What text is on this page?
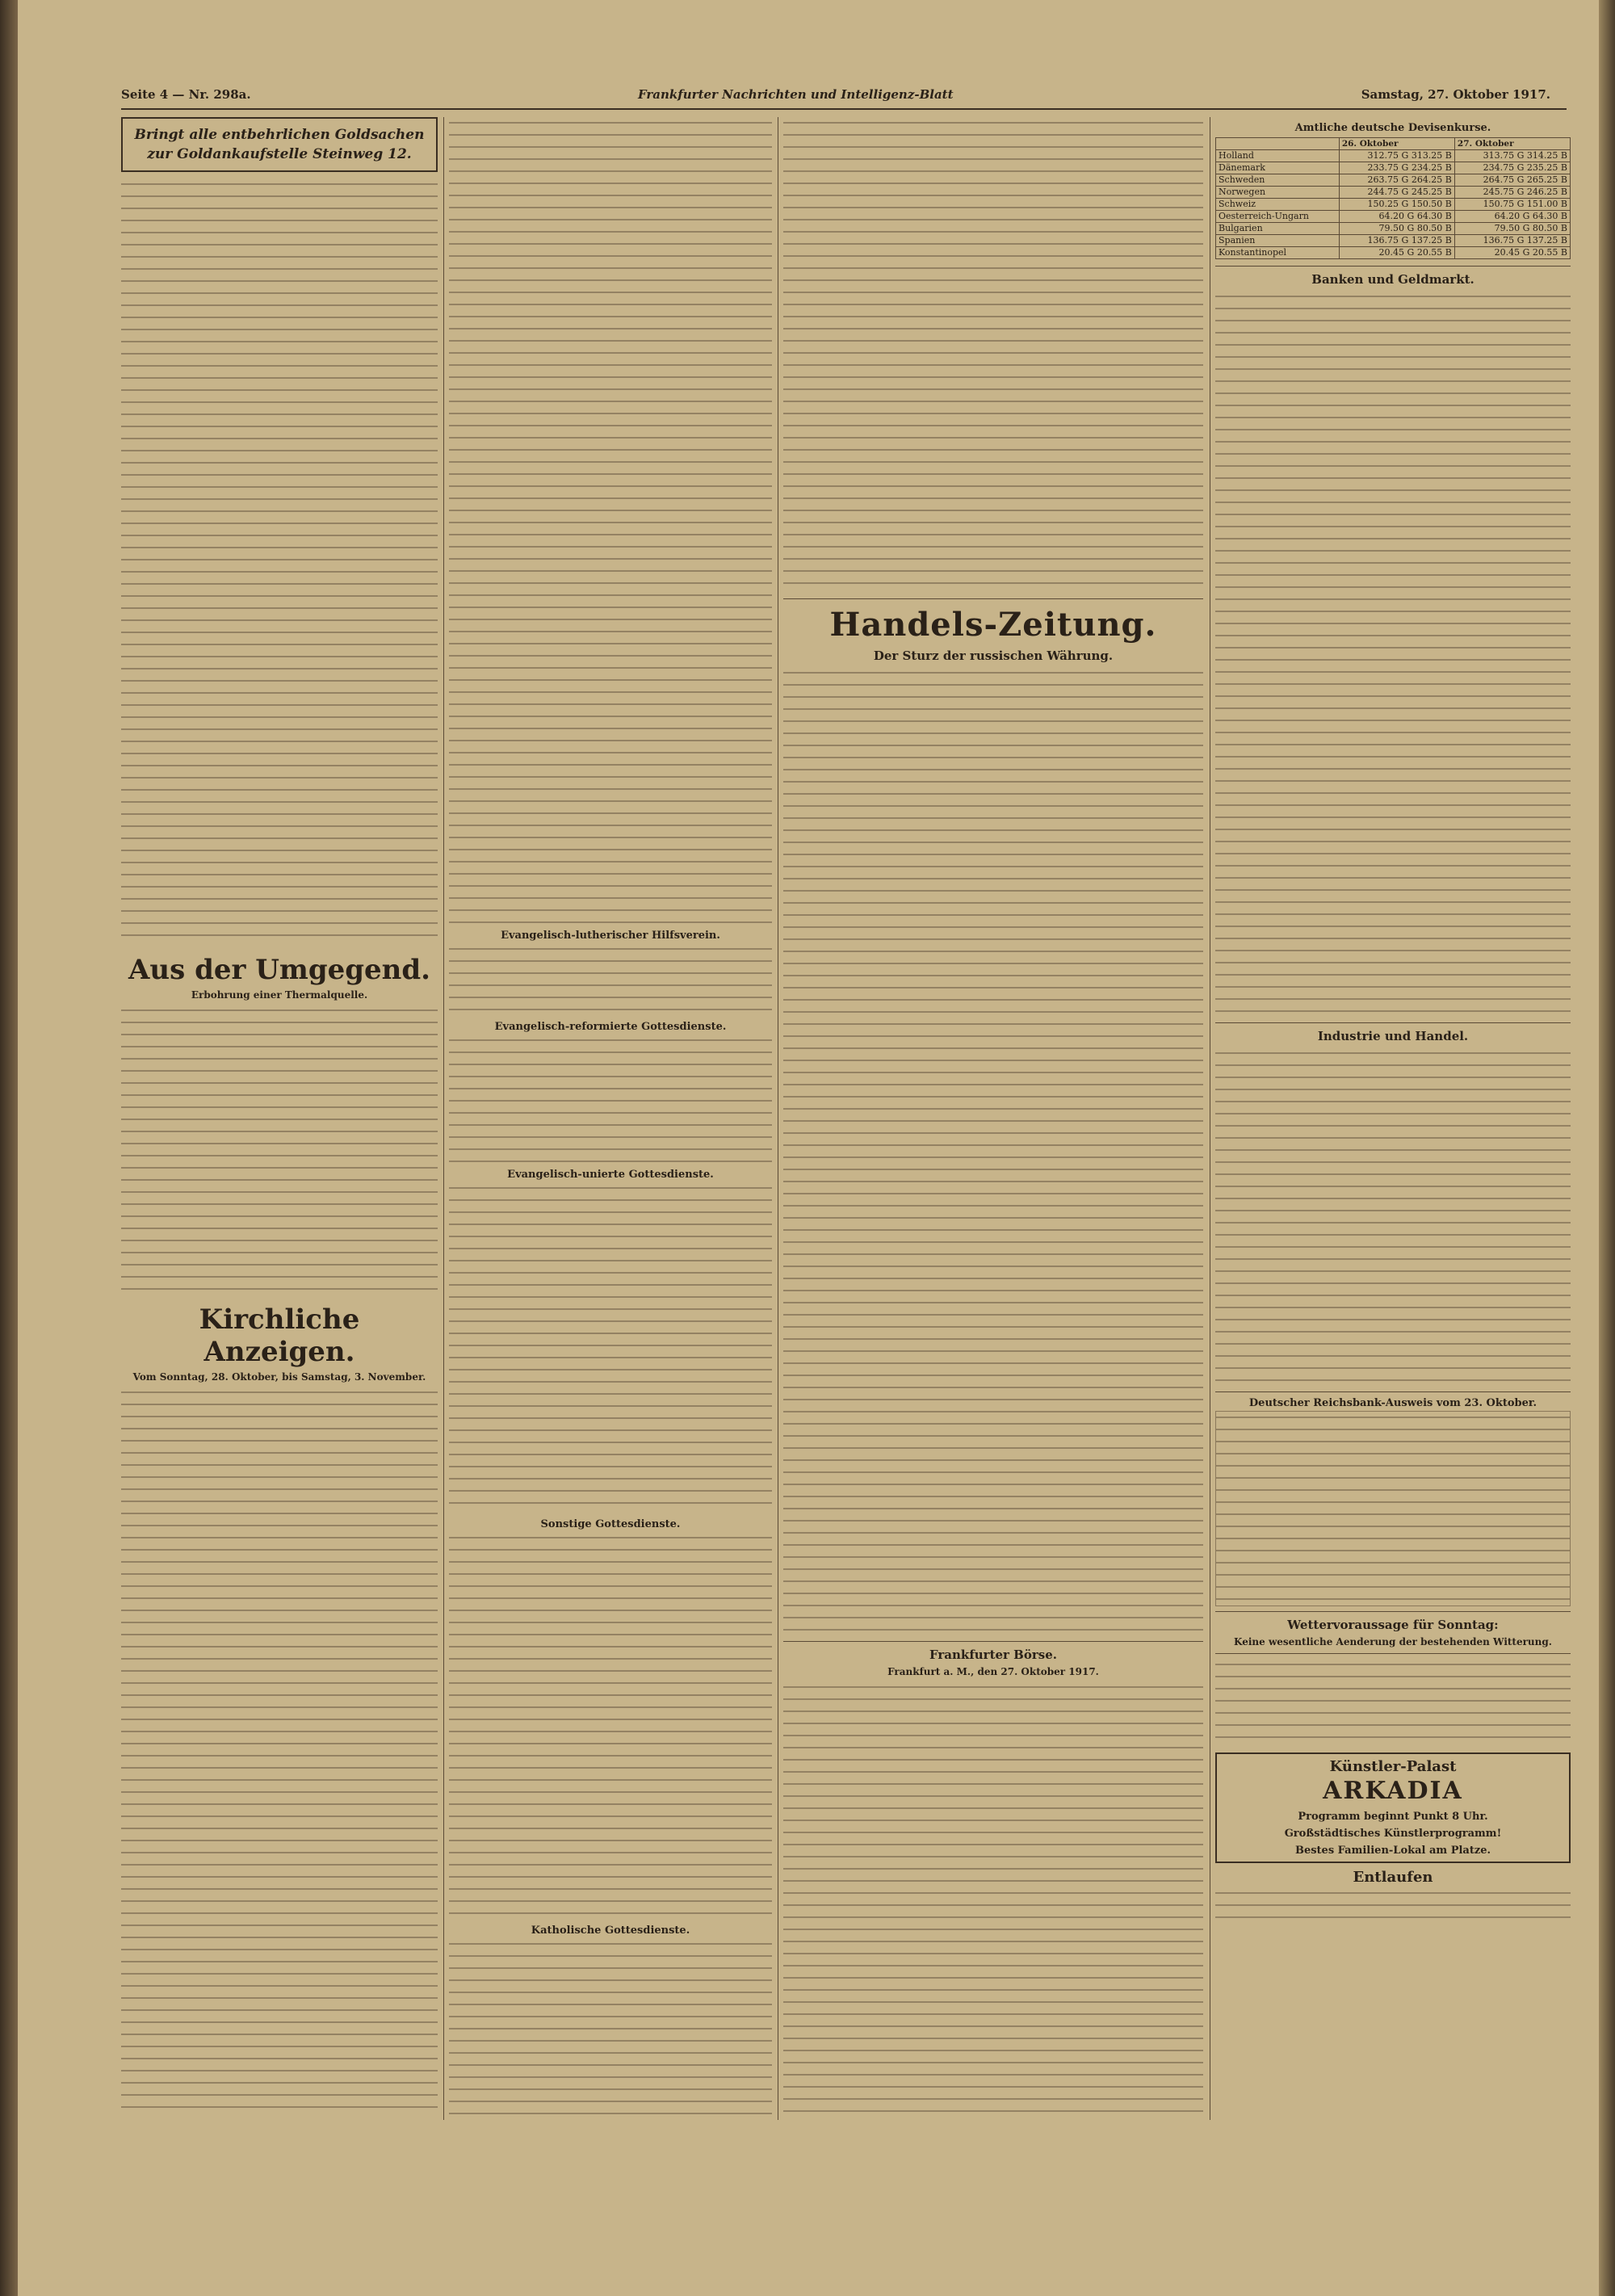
Seite 4 — Nr. 298a.	Frankfurter Nachrichten und Intelligenz-Blatt	Samstag, 27. Oktober 1917.
Bringt alle entbehrlichen Goldsachen zur Goldankaufstelle Steinweg 12.
Aus der Umgegend.
Erbohrung einer Thermalquelle.
Kirchliche Anzeigen.
Vom Sonntag, 28. Oktober, bis Samstag, 3. November.
Evangelisch-lutherischer Hilfsverein.
Evangelisch-reformierte Gottesdienste.
Evangelisch-unierte Gottesdienste.
Sonstige Gottesdienste.
Katholische Gottesdienste.
Handels-Zeitung.
Der Sturz der russischen Währung.
Frankfurter Börse.
Frankfurt a. M., den 27. Oktober 1917.
Amtliche deutsche Devisenkurse.
	26. Oktober	27. Oktober
Holland	312.75 G 313.25 B	313.75 G 314.25 B
Dänemark	233.75 G 234.25 B	234.75 G 235.25 B
Schweden	263.75 G 264.25 B	264.75 G 265.25 B
Norwegen	244.75 G 245.25 B	245.75 G 246.25 B
Schweiz	150.25 G 150.50 B	150.75 G 151.00 B
Oesterreich-Ungarn	64.20 G 64.30 B	64.20 G 64.30 B
Bulgarien	79.50 G 80.50 B	79.50 G 80.50 B
Spanien	136.75 G 137.25 B	136.75 G 137.25 B
Konstantinopel	20.45 G 20.55 B	20.45 G 20.55 B
Banken und Geldmarkt.
Industrie und Handel.
Deutscher Reichsbank-Ausweis vom 23. Oktober.
Wettervoraussage für Sonntag:
Keine wesentliche Aenderung der bestehenden Witterung.
Künstler-Palast
ARKADIA
Programm beginnt Punkt 8 Uhr.
Großstädtisches Künstlerprogramm!
Bestes Familien-Lokal am Platze.
Entlaufen
